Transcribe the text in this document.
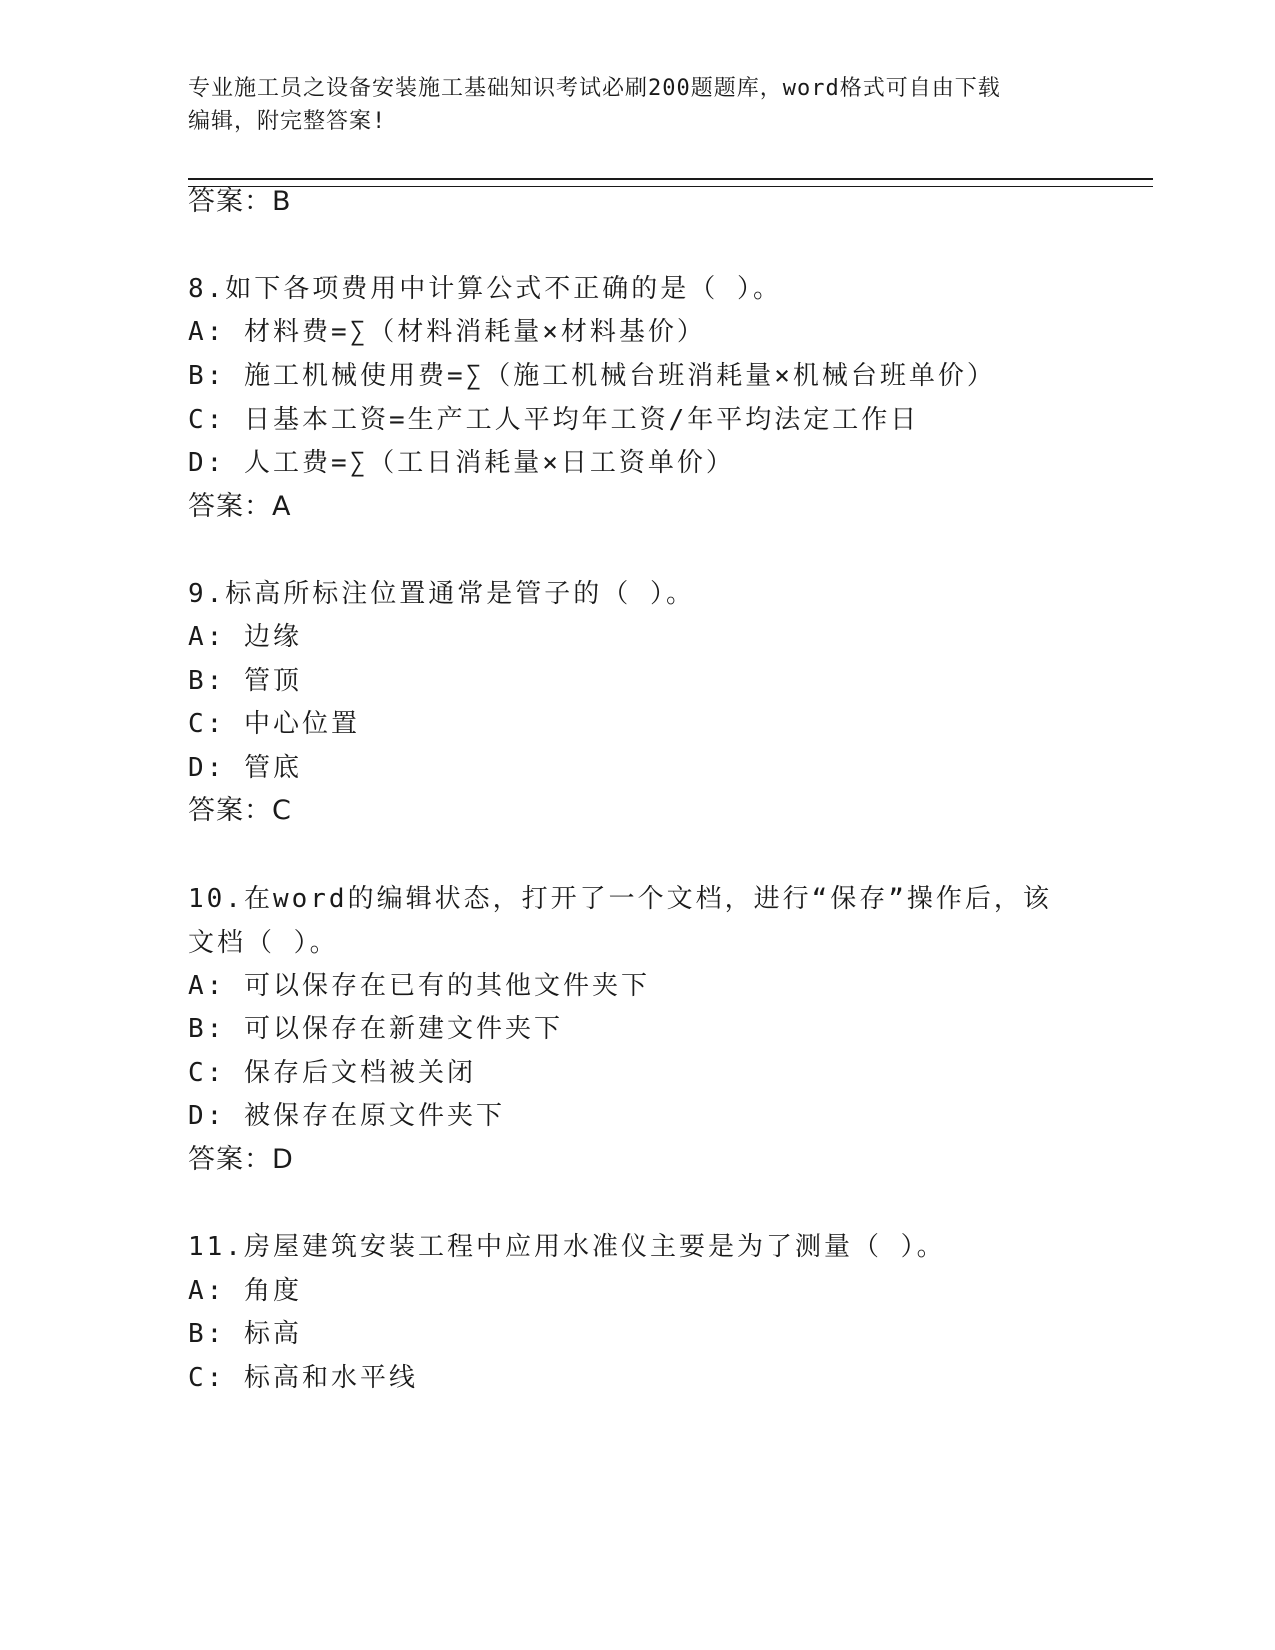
专业施工员之设备安装施工基础知识考试必刷200题题库，word格式可自由下载
编辑，附完整答案!
答案：B
8.如下各项费用中计算公式不正确的是（ ）。
A: 材料费=∑（材料消耗量×材料基价）
B: 施工机械使用费=∑（施工机械台班消耗量×机械台班单价）
C: 日基本工资=生产工人平均年工资/年平均法定工作日
D: 人工费=∑（工日消耗量×日工资单价）
答案：A
9.标高所标注位置通常是管子的（ ）。
A: 边缘
B: 管顶
C: 中心位置
D: 管底
答案：C
10.在word的编辑状态，打开了一个文档，进行“保存”操作后，该
文档（ ）。
A: 可以保存在已有的其他文件夹下
B: 可以保存在新建文件夹下
C: 保存后文档被关闭
D: 被保存在原文件夹下
答案：D
11.房屋建筑安装工程中应用水准仪主要是为了测量（ ）。
A: 角度
B: 标高
C: 标高和水平线
